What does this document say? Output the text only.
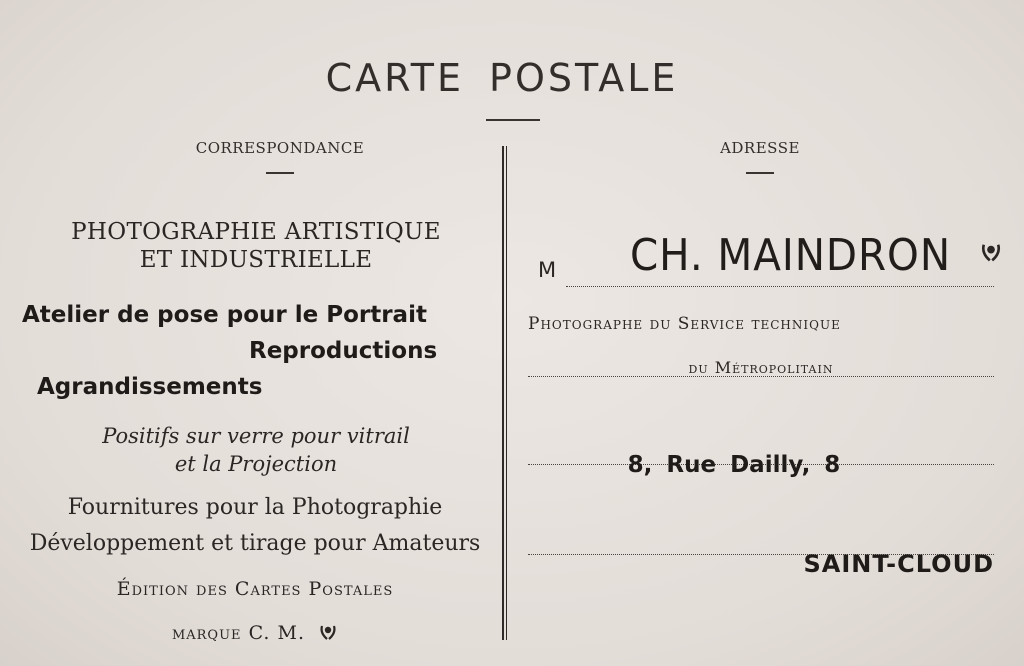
CARTE POSTALE
CORRESPONDANCE	ADRESSE
PHOTOGRAPHIE ARTISTIQUE
ET INDUSTRIELLE
Atelier de pose pour le Portrait
Reproductions
Agrandissements
Positifs sur verre pour vitrail
et la Projection
Fournitures pour la Photographie
Développement et tirage pour Amateurs
Édition des Cartes Postales
marque C. M.
M CH. MAINDRON
Photographe du Service technique
du Métropolitain
8, Rue Dailly, 8
SAINT-CLOUD
